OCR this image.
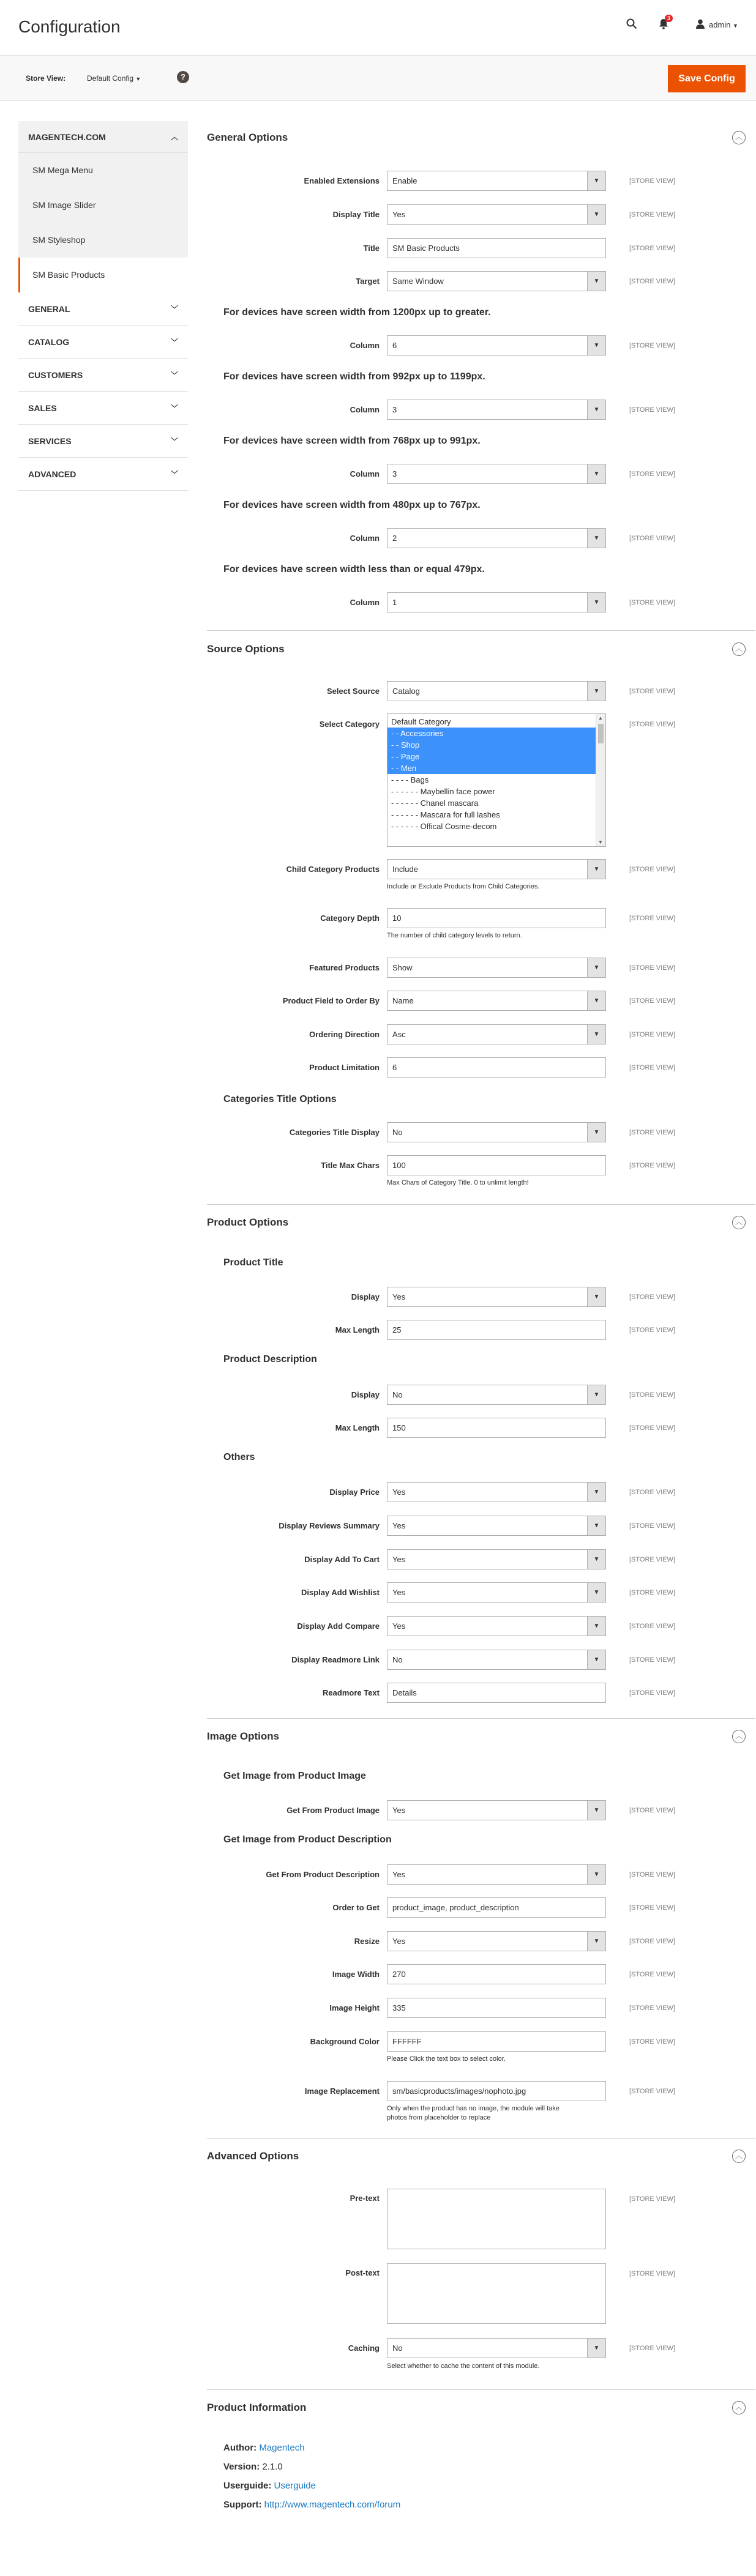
Configuration	3
admin ▼
Store View:	Default Config ▼	?	Save Config
MAGENTECH.COM	︿
SM Mega Menu
SM Image Slider
SM Styleshop
SM Basic Products
GENERAL	﹀
CATALOG	﹀
CUSTOMERS	﹀
SALES	﹀
SERVICES	﹀
ADVANCED	﹀
General Options	︿
Enabled Extensions	Enable	▼	[STORE VIEW]
Display Title	Yes	▼	[STORE VIEW]
Title	SM Basic Products	[STORE VIEW]
Target	Same Window	▼	[STORE VIEW]
For devices have screen width from 1200px up to greater.
Column	6	▼	[STORE VIEW]
For devices have screen width from 992px up to 1199px.
Column	3	▼	[STORE VIEW]
For devices have screen width from 768px up to 991px.
Column	3	▼	[STORE VIEW]
For devices have screen width from 480px up to 767px.
Column	2	▼	[STORE VIEW]
For devices have screen width less than or equal 479px.
Column	1	▼	[STORE VIEW]
Source Options	︿
Select Source	Catalog	▼	[STORE VIEW]
Select Category	Default Category
- - Accessories
- - Shop
- - Page
- - Men
- - - - Bags
- - - - - - Maybellin face power
- - - - - - Chanel mascara
- - - - - - Mascara for full lashes
- - - - - - Offical Cosme-decom
▲
▼
[STORE VIEW]
Child Category Products	Include	▼	[STORE VIEW]
Include or Exclude Products from Child Categories.
Category Depth	10	[STORE VIEW]
The number of child category levels to return.
Featured Products	Show	▼	[STORE VIEW]
Product Field to Order By	Name	▼	[STORE VIEW]
Ordering Direction	Asc	▼	[STORE VIEW]
Product Limitation	6	[STORE VIEW]
Categories Title Options
Categories Title Display	No	▼	[STORE VIEW]
Title Max Chars	100	[STORE VIEW]
Max Chars of Category Title. 0 to unlimit length!
Product Options	︿
Product Title
Display	Yes	▼	[STORE VIEW]
Max Length	25	[STORE VIEW]
Product Description
Display	No	▼	[STORE VIEW]
Max Length	150	[STORE VIEW]
Others
Display Price	Yes	▼	[STORE VIEW]
Display Reviews Summary	Yes	▼	[STORE VIEW]
Display Add To Cart	Yes	▼	[STORE VIEW]
Display Add Wishlist	Yes	▼	[STORE VIEW]
Display Add Compare	Yes	▼	[STORE VIEW]
Display Readmore Link	No	▼	[STORE VIEW]
Readmore Text	Details	[STORE VIEW]
Image Options	︿
Get Image from Product Image
Get From Product Image	Yes	▼	[STORE VIEW]
Get Image from Product Description
Get From Product Description	Yes	▼	[STORE VIEW]
Order to Get	product_image, product_description	[STORE VIEW]
Resize	Yes	▼	[STORE VIEW]
Image Width	270	[STORE VIEW]
Image Height	335	[STORE VIEW]
Background Color	FFFFFF	[STORE VIEW]
Please Click the text box to select color.
Image Replacement	sm/basicproducts/images/nophoto.jpg	[STORE VIEW]
Only when the product has no image, the module will take photos from placeholder to replace
Advanced Options	︿
Pre-text	[STORE VIEW]
Post-text	[STORE VIEW]
Caching	No	▼	[STORE VIEW]
Select whether to cache the content of this module.
Product Information	︿
Author: Magentech
Version: 2.1.0
Userguide: Userguide
Support: http://www.magentech.com/forum
